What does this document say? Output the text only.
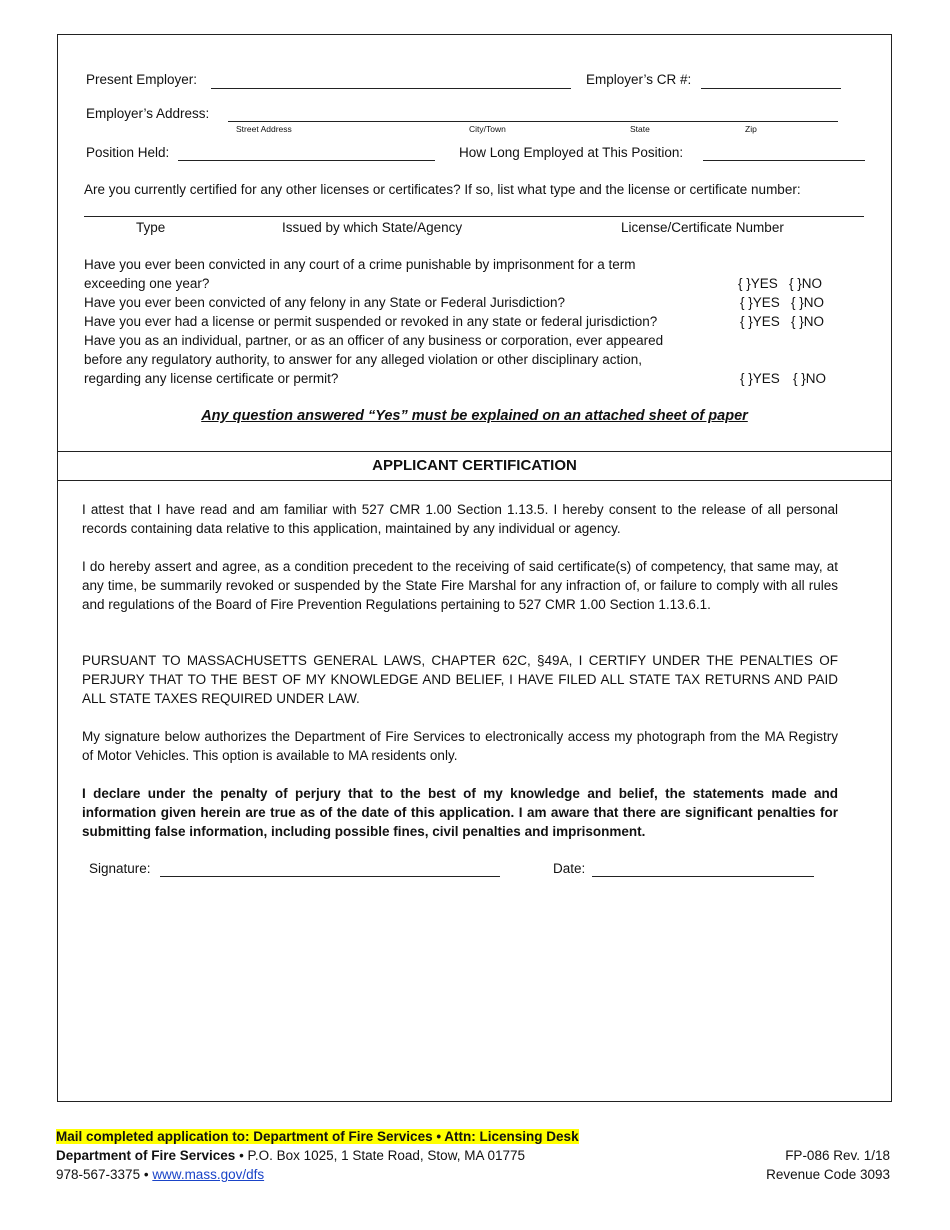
Present Employer:	Employer’s CR #:
Employer’s Address:
Street Address	City/Town	State	Zip
Position Held:	How Long Employed at This Position:
Are you currently certified for any other licenses or certificates? If so, list what type and the license or certificate number:
Type	Issued by which State/Agency	License/Certificate Number
Have you ever been convicted in any court of a crime punishable by imprisonment for a term
exceeding one year?	{ }YES { }NO
Have you ever been convicted of any felony in any State or Federal Jurisdiction?	{ }YES { }NO
Have you ever had a license or permit suspended or revoked in any state or federal jurisdiction?	{ }YES { }NO
Have you as an individual, partner, or as an officer of any business or corporation, ever appeared
before any regulatory authority, to answer for any alleged violation or other disciplinary action,
regarding any license certificate or permit?	{ }YES { }NO
Any question answered “Yes” must be explained on an attached sheet of paper
APPLICANT CERTIFICATION

I attest that I have read and am familiar with 527 CMR 1.00 Section 1.13.5. I hereby consent to the release of all personal records containing data relative to this application, maintained by any individual or agency.

I do hereby assert and agree, as a condition precedent to the receiving of said certificate(s) of competency, that same may, at any time, be summarily revoked or suspended by the State Fire Marshal for any infraction of, or failure to comply with all rules and regulations of the Board of Fire Prevention Regulations pertaining to 527 CMR 1.00 Section 1.13.6.1.

PURSUANT TO MASSACHUSETTS GENERAL LAWS, CHAPTER 62C, §49A, I CERTIFY UNDER THE PENALTIES OF PERJURY THAT TO THE BEST OF MY KNOWLEDGE AND BELIEF, I HAVE FILED ALL STATE TAX RETURNS AND PAID ALL STATE TAXES REQUIRED UNDER LAW.

My signature below authorizes the Department of Fire Services to electronically access my photograph from the MA Registry of Motor Vehicles. This option is available to MA residents only.

I declare under the penalty of perjury that to the best of my knowledge and belief, the statements made and information given herein are true as of the date of this application. I am aware that there are significant penalties for submitting false information, including possible fines, civil penalties and imprisonment.

Signature:	Date:
Mail completed application to: Department of Fire Services • Attn: Licensing Desk
Department of Fire Services • P.O. Box 1025, 1 State Road, Stow, MA 01775
978-567-3375 • www.mass.gov/dfs
FP-086 Rev. 1/18
Revenue Code 3093
